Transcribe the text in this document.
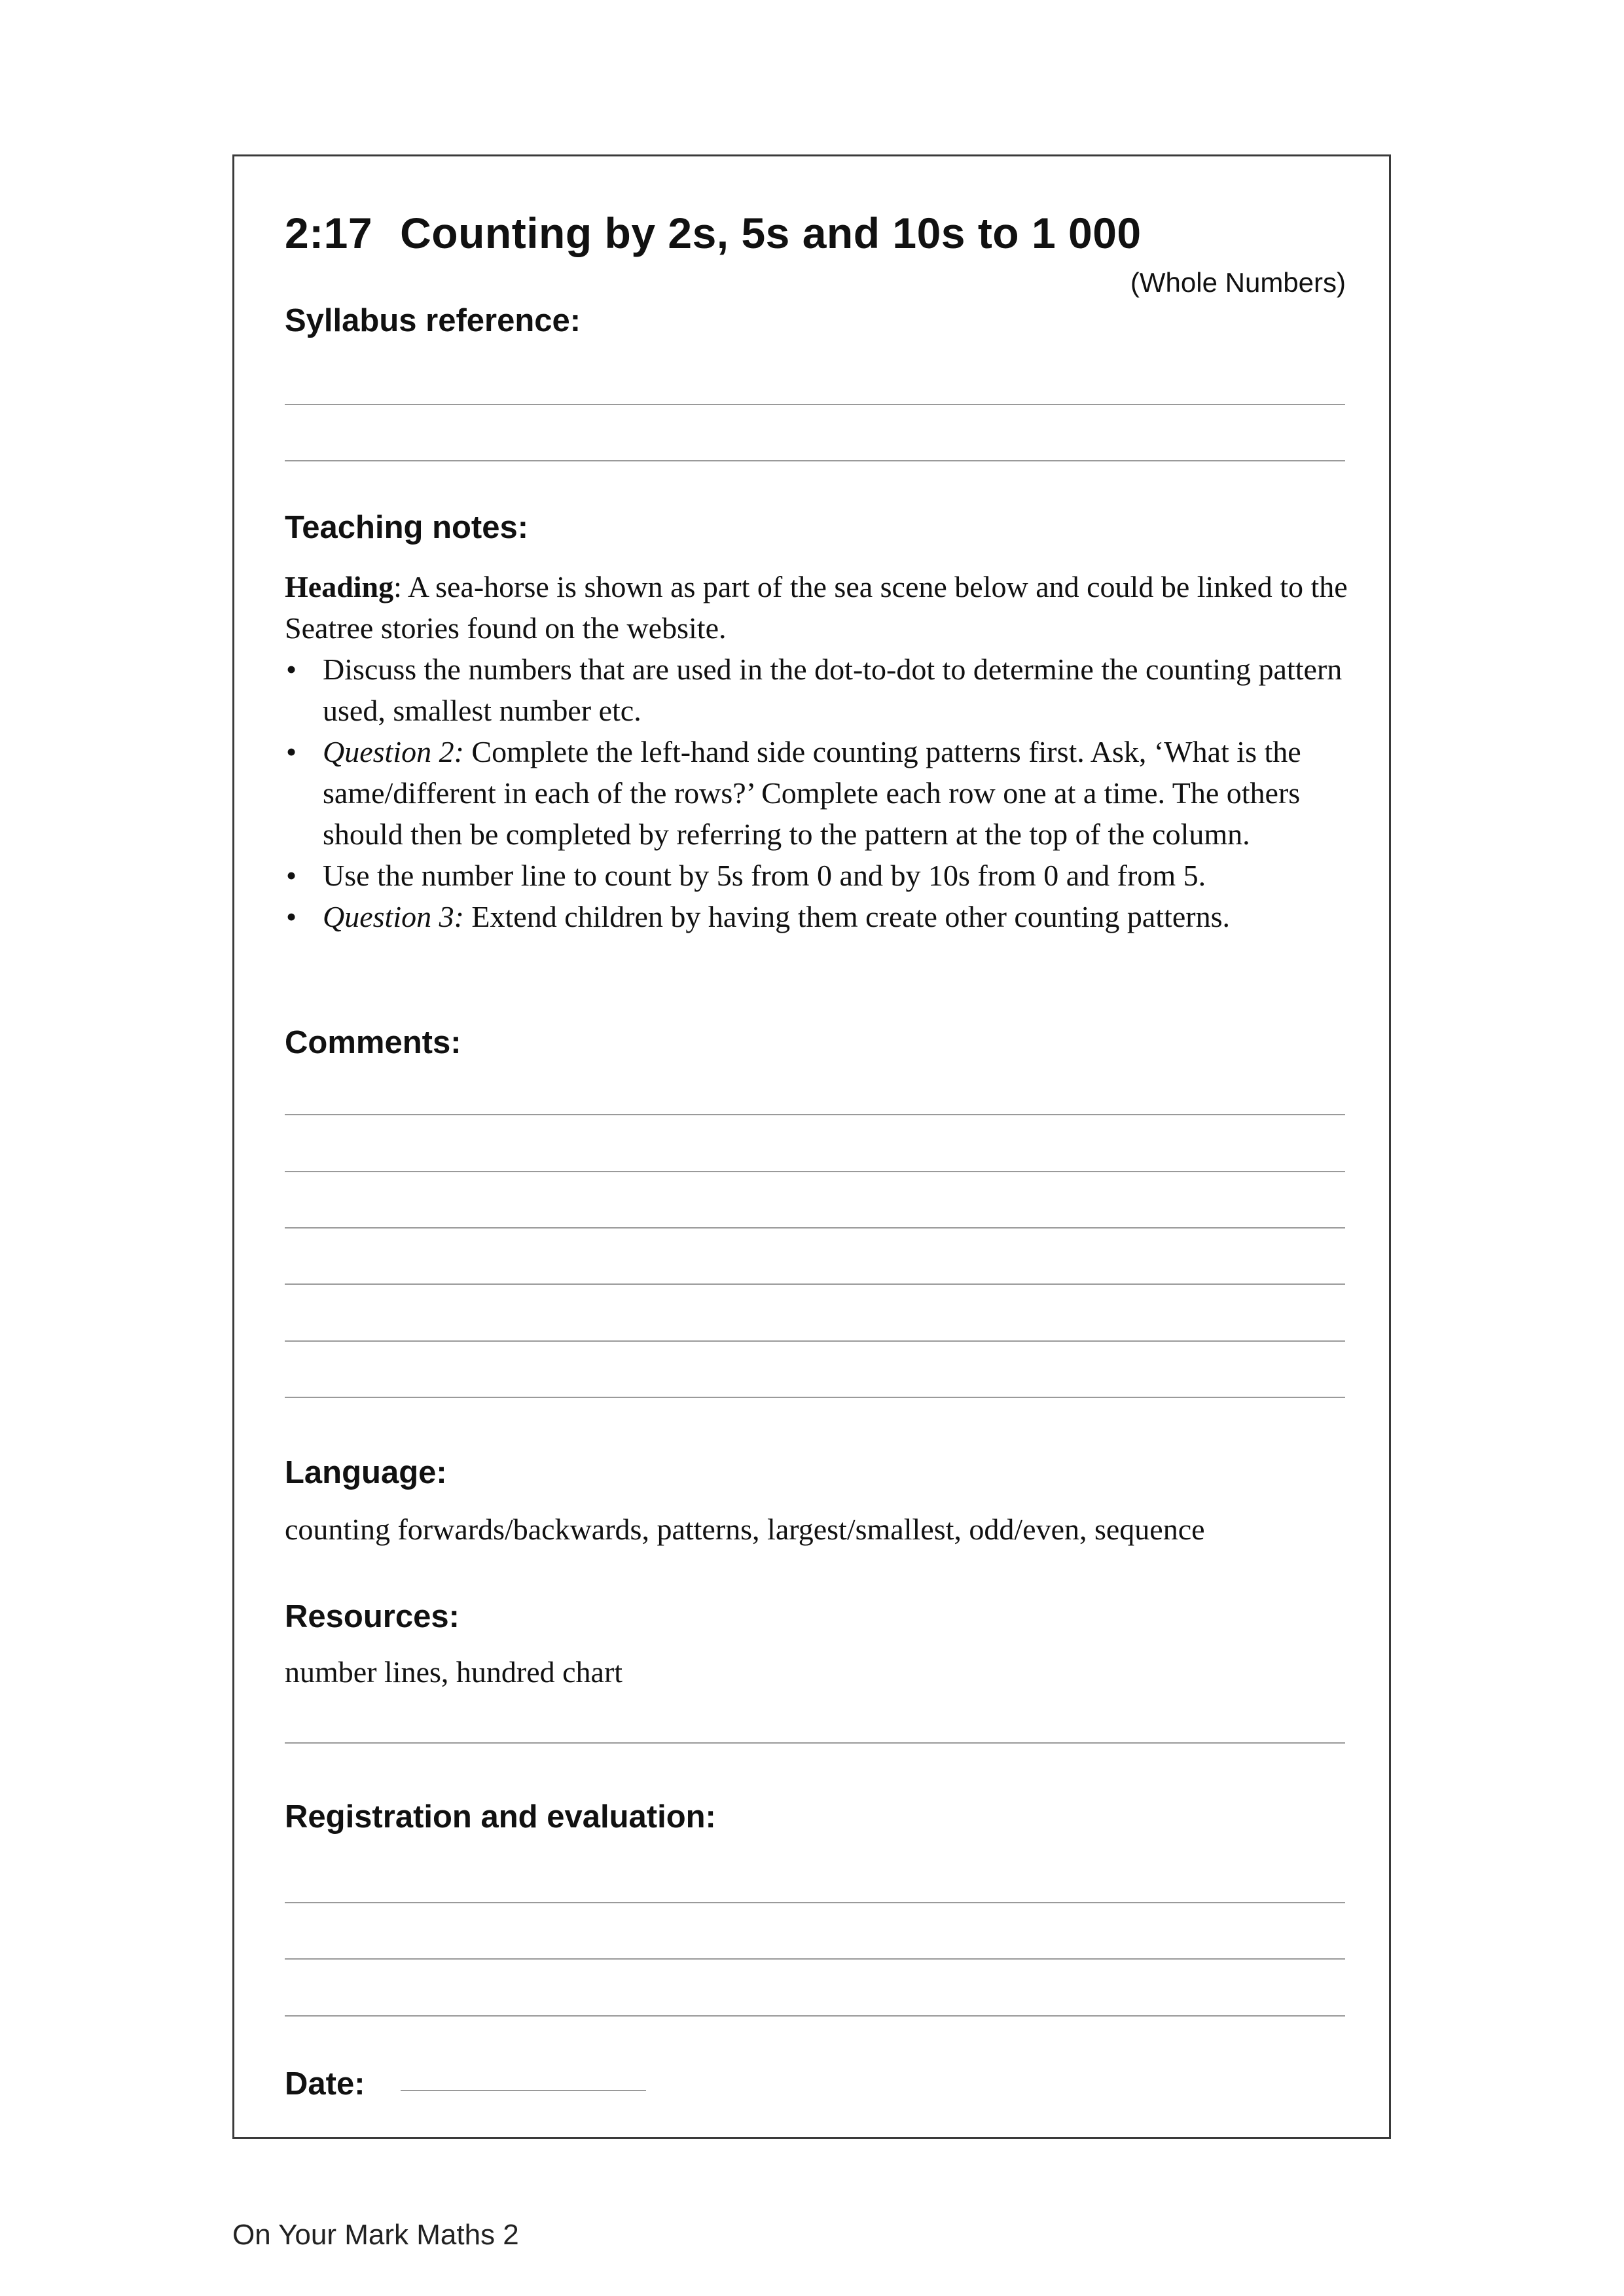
2:17 Counting by 2s, 5s and 10s to 1 000
(Whole Numbers)
Syllabus reference:
Teaching notes:

Heading: A sea-horse is shown as part of the sea scene below and could be linked to the Seatree stories found on the website.

• Discuss the numbers that are used in the dot-to-dot to determine the counting pattern used, smallest number etc.
• Question 2: Complete the left-hand side counting patterns first. Ask, ‘What is the same/different in each of the rows?’ Complete each row one at a time. The others should then be completed by referring to the pattern at the top of the column.
• Use the number line to count by 5s from 0 and by 10s from 0 and from 5.
• Question 3: Extend children by having them create other counting patterns.
Comments:
Language:
counting forwards/backwards, patterns, largest/smallest, odd/even, sequence
Resources:
number lines, hundred chart
Registration and evaluation:
Date:
On Your Mark Maths 2
